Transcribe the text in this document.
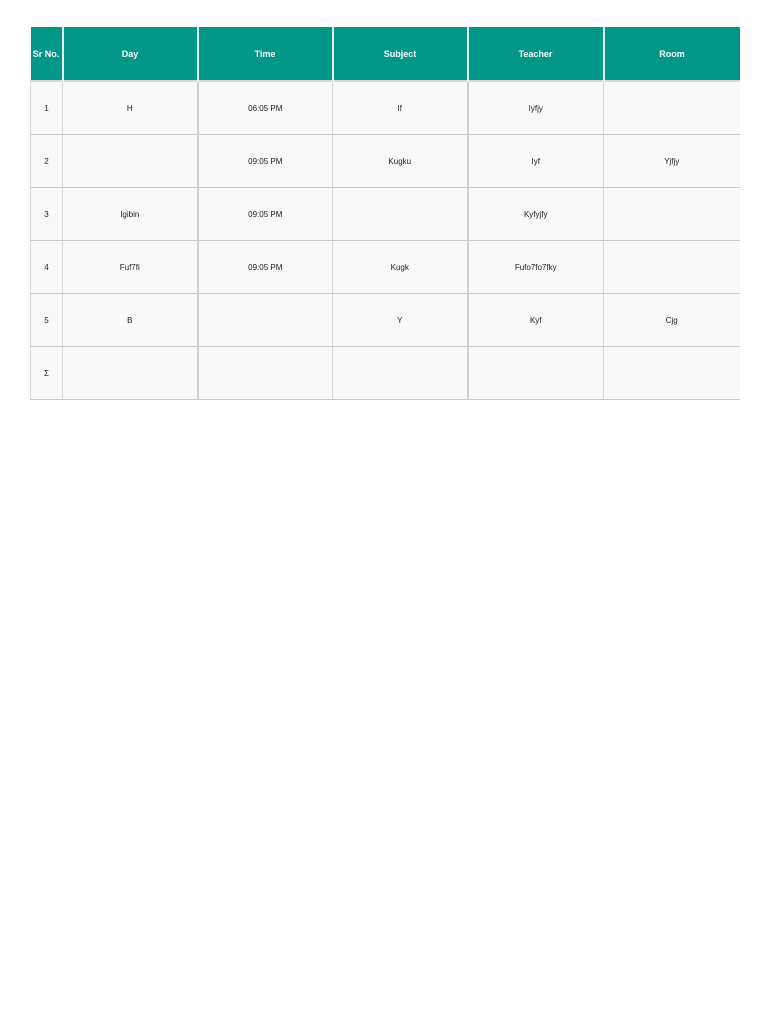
Sr No.	Day	Time	Subject	Teacher	Room
1	H	06:05 PM	If	Iyfjy	
2		09:05 PM	Kugku	Iyf	Yjfjy
3	Igibin	09:05 PM		Kyfyjfy	
4	Fuf7fi	09:05 PM	Kugk	Fufo7fo7fky	
5	B		Y	Kyf	Cjg
Σ					
